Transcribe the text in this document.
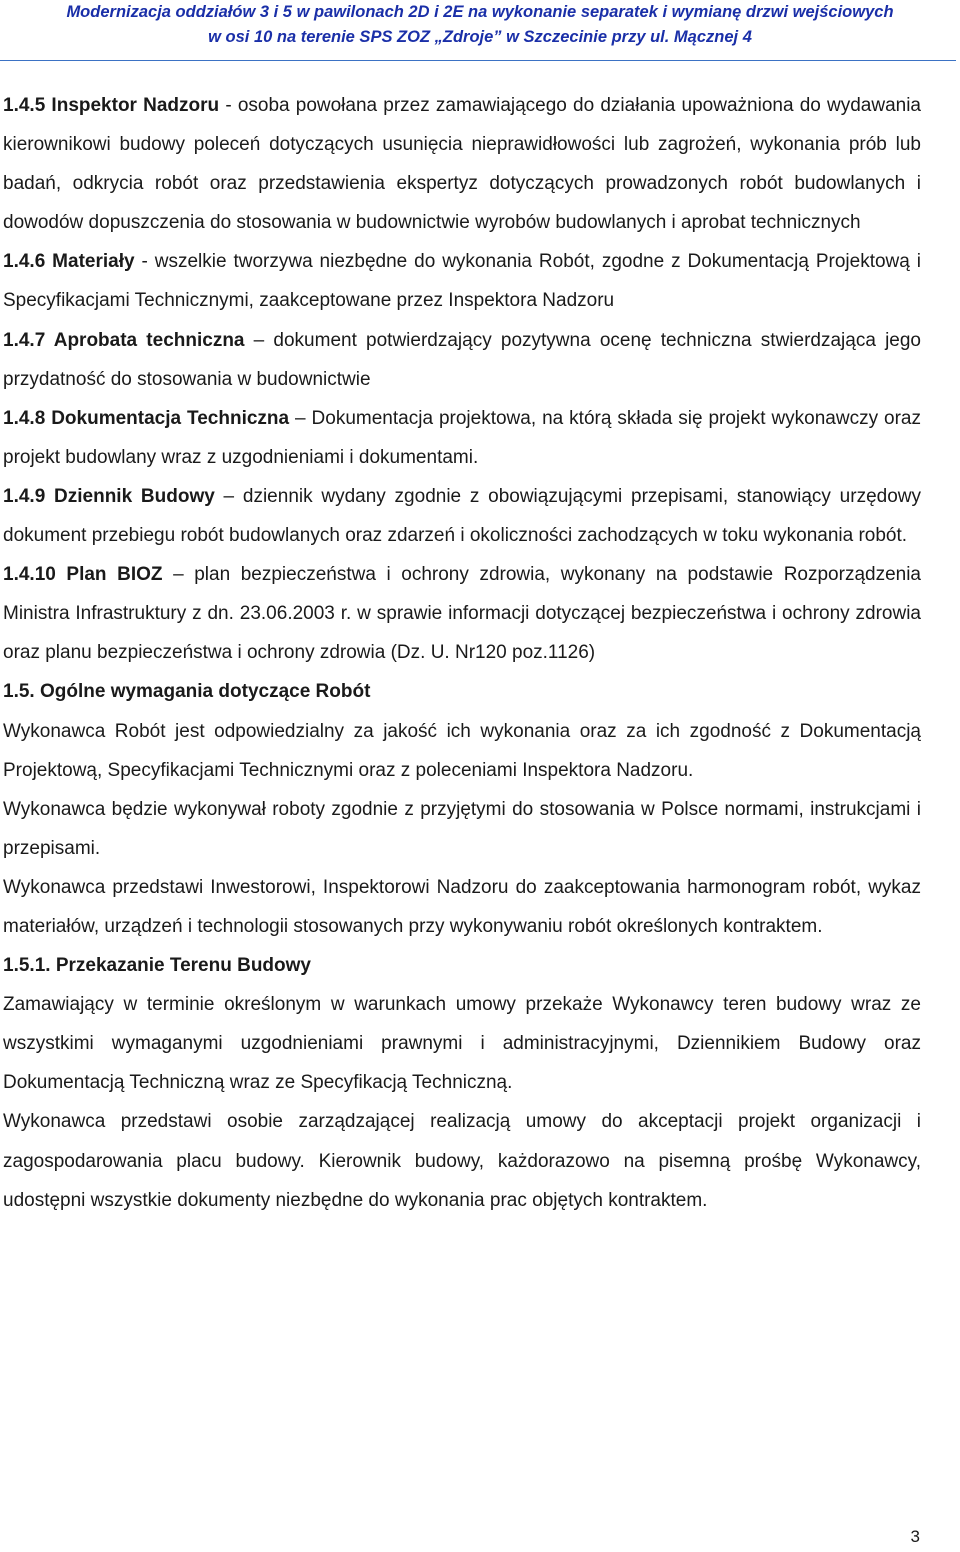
Modernizacja oddziałów 3 i 5 w pawilonach 2D i 2E na wykonanie separatek i wymianę drzwi wejściowych
w osi 10 na terenie SPS ZOZ „Zdroje” w Szczecinie przy ul. Mącznej 4

1.4.5 Inspektor Nadzoru - osoba powołana przez zamawiającego do działania upoważniona do wydawania kierownikowi budowy poleceń dotyczących usunięcia nieprawidłowości lub zagrożeń, wykonania prób lub badań, odkrycia robót oraz przedstawienia ekspertyz dotyczących prowadzonych robót budowlanych i dowodów dopuszczenia do stosowania w budownictwie wyrobów budowlanych i aprobat technicznych

1.4.6 Materiały - wszelkie tworzywa niezbędne do wykonania Robót, zgodne z Dokumentacją Projektową i Specyfikacjami Technicznymi, zaakceptowane przez Inspektora Nadzoru

1.4.7 Aprobata techniczna – dokument potwierdzający pozytywna ocenę techniczna stwierdzająca jego przydatność do stosowania w budownictwie

1.4.8 Dokumentacja Techniczna – Dokumentacja projektowa, na którą składa się projekt wykonawczy oraz projekt budowlany wraz z uzgodnieniami i dokumentami.

1.4.9 Dziennik Budowy – dziennik wydany zgodnie z obowiązującymi przepisami, stanowiący urzędowy dokument przebiegu robót budowlanych oraz zdarzeń i okoliczności zachodzących w toku wykonania robót.

1.4.10 Plan BIOZ – plan bezpieczeństwa i ochrony zdrowia, wykonany na podstawie Rozporządzenia Ministra Infrastruktury z dn. 23.06.2003 r. w sprawie informacji dotyczącej bezpieczeństwa i ochrony zdrowia oraz planu bezpieczeństwa i ochrony zdrowia (Dz. U. Nr120 poz.1126)

1.5. Ogólne wymagania dotyczące Robót

Wykonawca Robót jest odpowiedzialny za jakość ich wykonania oraz za ich zgodność z Dokumentacją Projektową, Specyfikacjami Technicznymi oraz z poleceniami Inspektora Nadzoru.

Wykonawca będzie wykonywał roboty zgodnie z przyjętymi do stosowania w Polsce normami, instrukcjami i przepisami.

Wykonawca przedstawi Inwestorowi, Inspektorowi Nadzoru do zaakceptowania harmonogram robót, wykaz materiałów, urządzeń i technologii stosowanych przy wykonywaniu robót określonych kontraktem.

1.5.1. Przekazanie Terenu Budowy

Zamawiający w terminie określonym w warunkach umowy przekaże Wykonawcy teren budowy wraz ze wszystkimi wymaganymi uzgodnieniami prawnymi i administracyjnymi, Dziennikiem Budowy oraz Dokumentacją Techniczną wraz ze Specyfikacją Techniczną.

Wykonawca przedstawi osobie zarządzającej realizacją umowy do akceptacji projekt organizacji i zagospodarowania placu budowy. Kierownik budowy, każdorazowo na pisemną prośbę Wykonawcy, udostępni wszystkie dokumenty niezbędne do wykonania prac objętych kontraktem.

3
